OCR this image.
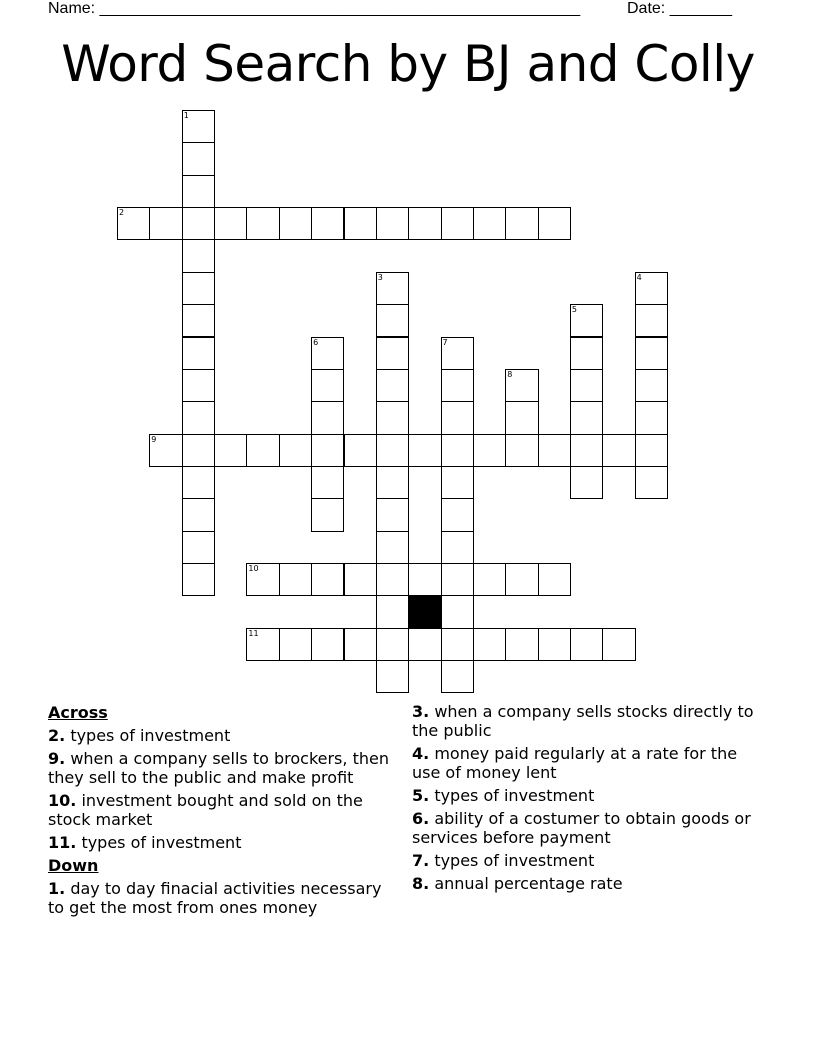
Name: ______________________________________________________	Date: _______
Word Search by BJ and Colly
1
2
3	4
5
6	7
8
9
10
11
Across
2. types of investment
9. when a company sells to brockers, then they sell to the public and make profit
10. investment bought and sold on the stock market
11. types of investment
Down
1. day to day finacial activities necessary to get the most from ones money
3. when a company sells stocks directly to the public
4. money paid regularly at a rate for the use of money lent
5. types of investment
6. ability of a costumer to obtain goods or services before payment
7. types of investment
8. annual percentage rate
